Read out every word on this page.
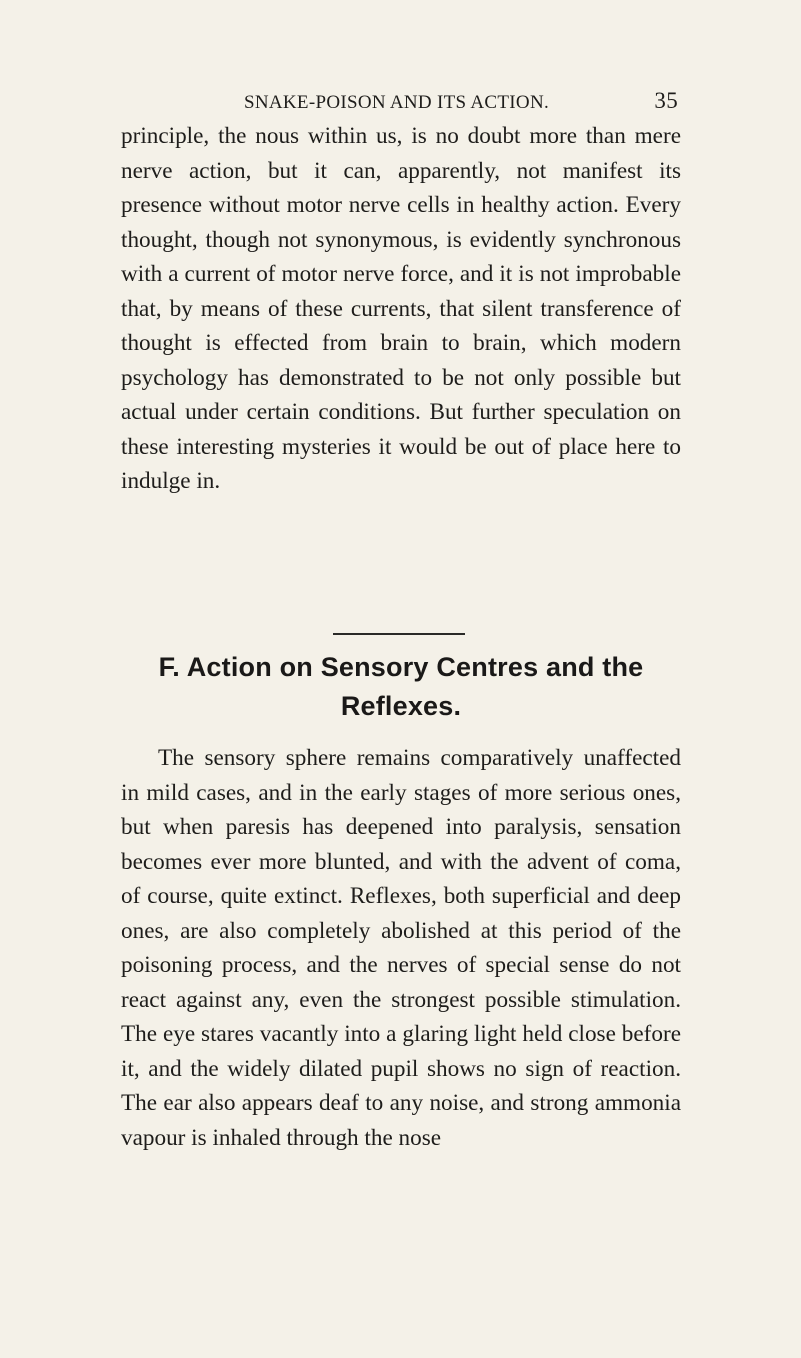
SNAKE-POISON AND ITS ACTION.	35

principle, the nous within us, is no doubt more than mere nerve action, but it can, apparently, not manifest its presence without motor nerve cells in healthy action. Every thought, though not synonymous, is evidently synchronous with a current of motor nerve force, and it is not improbable that, by means of these currents, that silent transference of thought is effected from brain to brain, which modern psychology has demonstrated to be not only possible but actual under certain conditions. But further speculation on these interesting mysteries it would be out of place here to indulge in.

F. Action on Sensory Centres and the Reflexes.

The sensory sphere remains comparatively unaffected in mild cases, and in the early stages of more serious ones, but when paresis has deepened into paralysis, sensation becomes ever more blunted, and with the advent of coma, of course, quite extinct. Reflexes, both superficial and deep ones, are also completely abolished at this period of the poisoning process, and the nerves of special sense do not react against any, even the strongest possible stimulation. The eye stares vacantly into a glaring light held close before it, and the widely dilated pupil shows no sign of reaction. The ear also appears deaf to any noise, and strong ammonia vapour is inhaled through the nose
